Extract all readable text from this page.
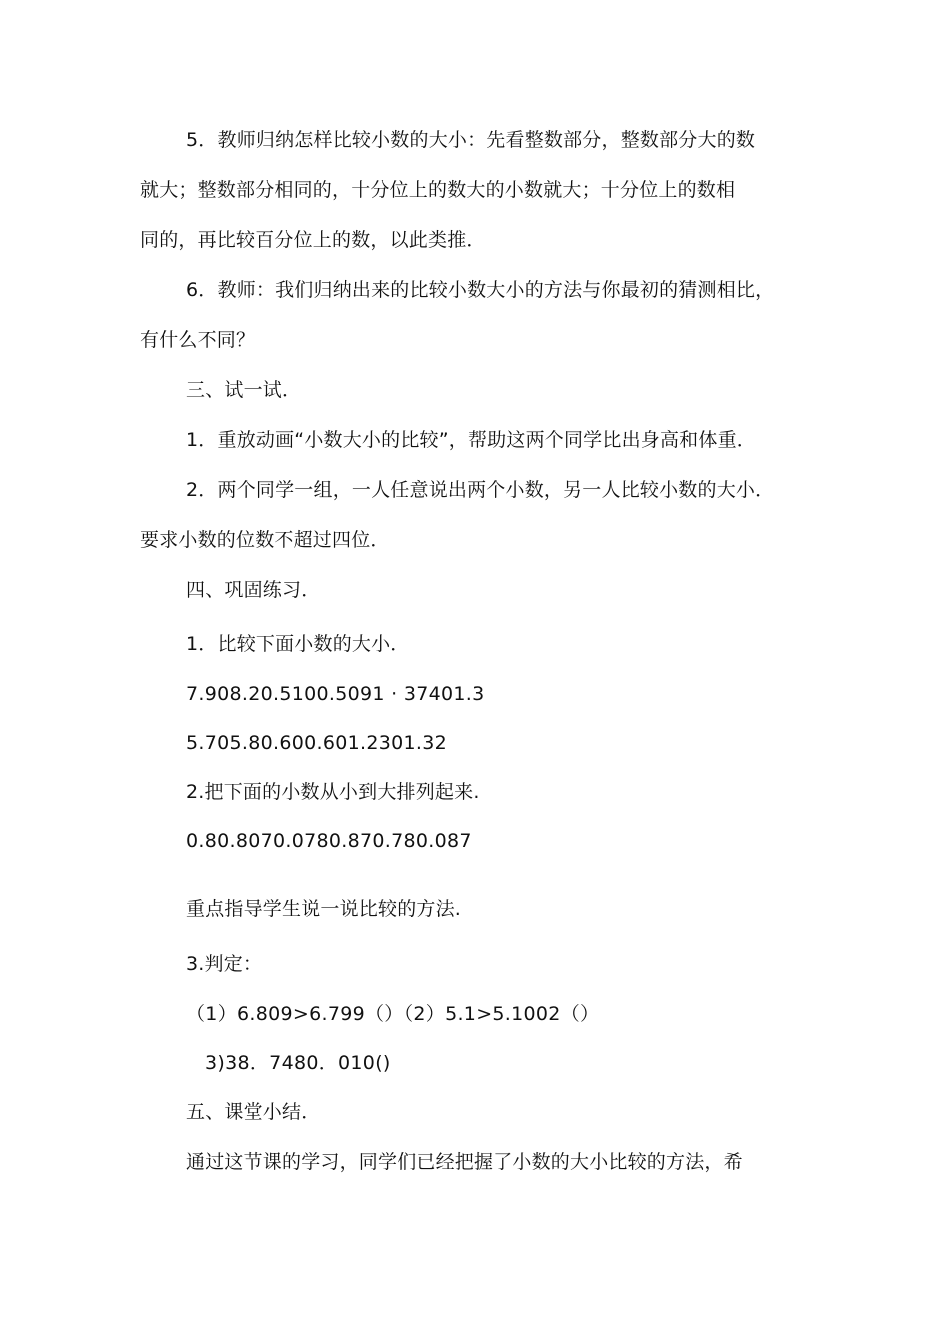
5．教师归纳怎样比较小数的大小：先看整数部分，整数部分大的数
就大；整数部分相同的，十分位上的数大的小数就大；十分位上的数相
同的，再比较百分位上的数，以此类推．
6．教师：我们归纳出来的比较小数大小的方法与你最初的猜测相比，
有什么不同？
三、试一试．
1．重放动画“小数大小的比较”，帮助这两个同学比出身高和体重．
2．两个同学一组，一人任意说出两个小数，另一人比较小数的大小．
要求小数的位数不超过四位．
四、巩固练习．
1．比较下面小数的大小．
7.908.20.5100.5091 · 37401.3
5.705.80.600.601.2301.32
2.把下面的小数从小到大排列起来.
0.80.8070.0780.870.780.087
重点指导学生说一说比较的方法.
3.判定：
（1）6.809>6.799（）（2）5.1>5.1002（）
3)38．7480．010()
五、课堂小结．
通过这节课的学习，同学们已经把握了小数的大小比较的方法，希
